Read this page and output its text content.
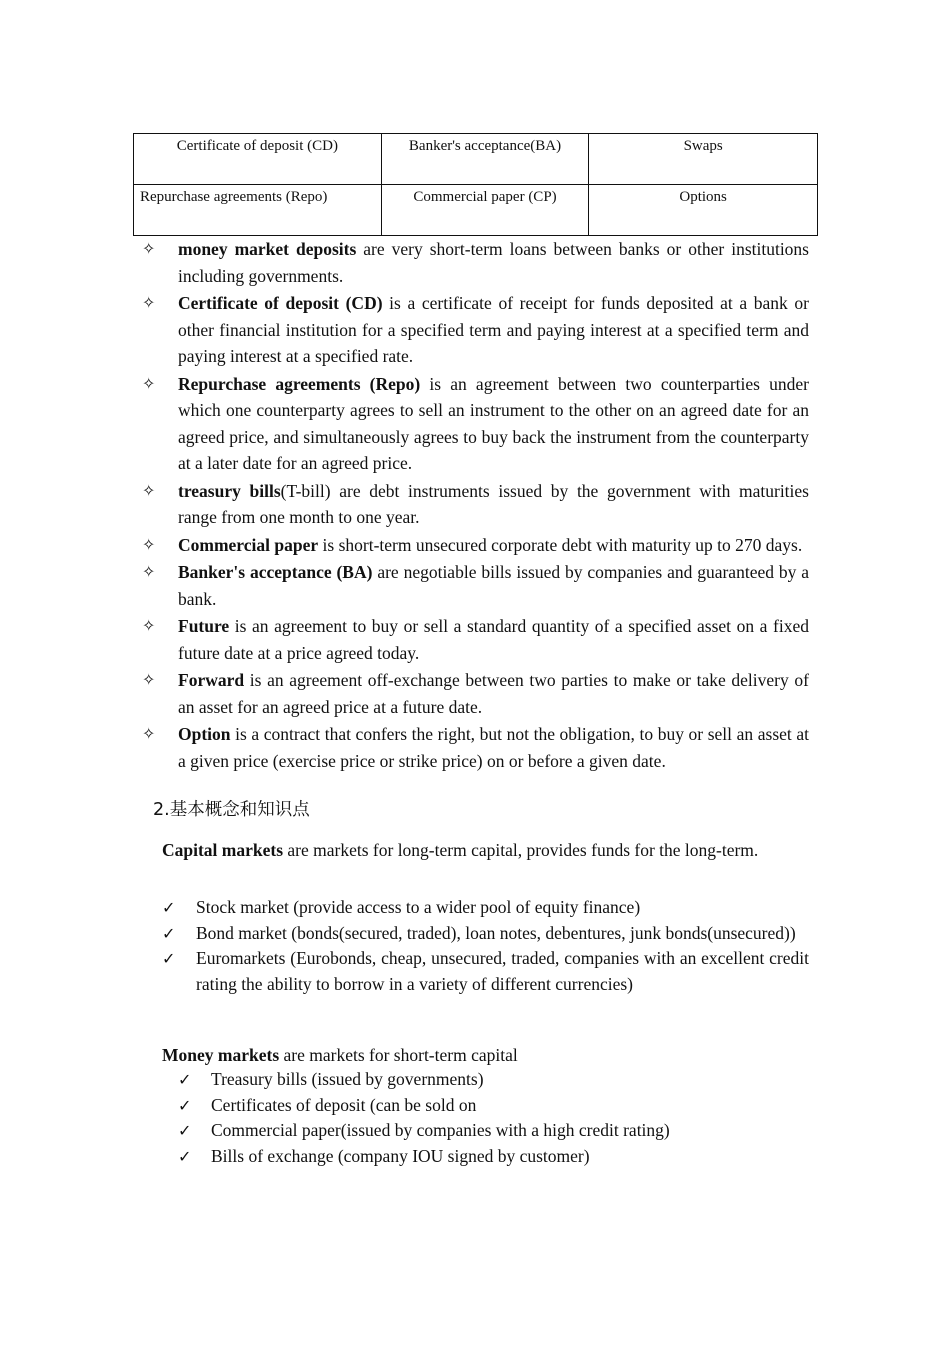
Certificate of deposit (CD)	Banker's acceptance(BA)	Swaps
Repurchase agreements (Repo)	Commercial paper (CP)	Options
✧ money market deposits are very short-term loans between banks or other institutions including governments.
✧ Certificate of deposit (CD) is a certificate of receipt for funds deposited at a bank or other financial institution for a specified term and paying interest at a specified term and paying interest at a specified rate.
✧ Repurchase agreements (Repo) is an agreement between two counterparties under which one counterparty agrees to sell an instrument to the other on an agreed date for an agreed price, and simultaneously agrees to buy back the instrument from the counterparty at a later date for an agreed price.
✧ treasury bills(T-bill) are debt instruments issued by the government with maturities range from one month to one year.
✧ Commercial paper is short-term unsecured corporate debt with maturity up to 270 days.
✧ Banker's acceptance (BA) are negotiable bills issued by companies and guaranteed by a bank.
✧ Future is an agreement to buy or sell a standard quantity of a specified asset on a fixed future date at a price agreed today.
✧ Forward is an agreement off-exchange between two parties to make or take delivery of an asset for an agreed price at a future date.
✧ Option is a contract that confers the right, but not the obligation, to buy or sell an asset at a given price (exercise price or strike price) on or before a given date.
2.基本概念和知识点

Capital markets are markets for long-term capital, provides funds for the long-term.

✓ Stock market (provide access to a wider pool of equity finance)
✓ Bond market (bonds(secured, traded), loan notes, debentures, junk bonds(unsecured))
✓ Euromarkets (Eurobonds, cheap, unsecured, traded, companies with an excellent credit rating the ability to borrow in a variety of different currencies)

Money markets are markets for short-term capital

✓ Treasury bills (issued by governments)
✓ Certificates of deposit (can be sold on
✓ Commercial paper(issued by companies with a high credit rating)
✓ Bills of exchange (company IOU signed by customer)
